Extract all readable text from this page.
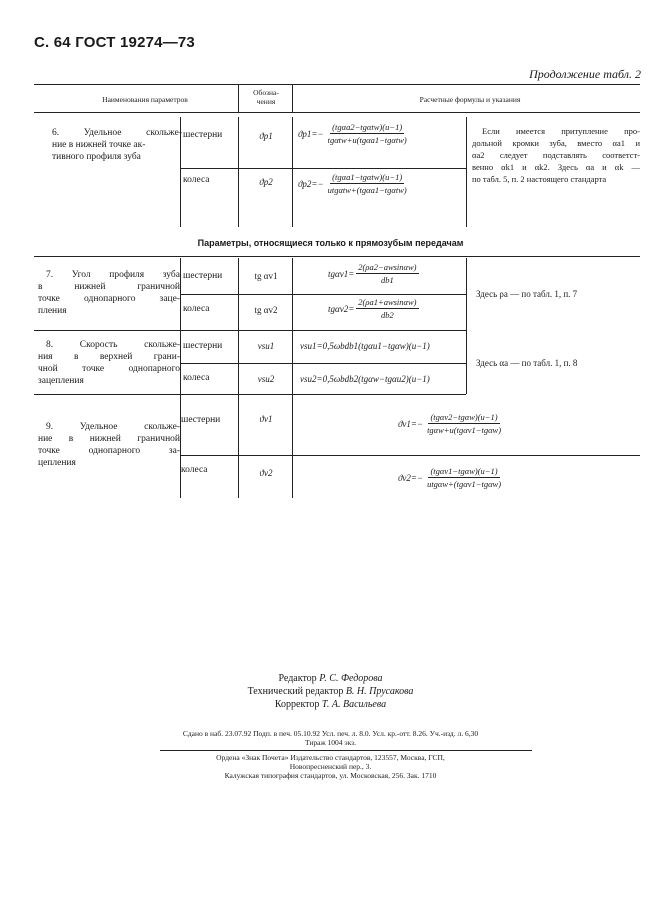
С. 64 ГОСТ 19274—73
Продолжение табл. 2
Наименования параметров
Обозна-
чения	Расчетные формулы и указания
6. Удельное скольже-
ние в нижней точке ак-
тивного профиля зуба
шестерни
колеса
ϑp1
ϑp2
$ϑp1=- \frac{\text{(tgαa2−tgαtw)(u−1)}}{\text{tgαtw+u(tgαa1−tgαtw)}}$
$ϑp2=- \frac{\text{(tgαa1−tgαtw)(u−1)}}{\text{utgαtw+(tgαa1−tgαtw)}}$
Если имеется притупление про-
дольной кромки зуба, вместо αa1 и
αa2 следует подставлять соответст-
венно αk1 и αk2. Здесь αa и αk —
по табл. 5, п. 2 настоящего стандарта
Параметры, относящиеся только к прямозубым передачам
7. Угол профиля зуба
в нижней граничной
точке однопарного заце-
пления
шестерни
колеса
tg αv1
tg αv2
$tg\alpha v1= \frac{2(\rho a2-awsin\alpha w)}{db1}$
$tg\alpha v2= \frac{2(\rho a1+awsin\alpha w)}{db2}$
Здесь ρa — по табл. 1, п. 7
8. Скорость скольже-
ния в верхней грани-
чной точке однопарного
зацепления
шестерни
колеса
vsu1
vsu2
vsu1=0,5ωbdb1(tgαu1−tgαw)(u−1)
vsu2=0,5ωbdb2(tgαw−tgαu2)(u−1)
Здесь αa — по табл. 1, п. 8
9. Удельное скольже-
ние в нижней граничной
точке однопарного за-
цепления
шестерни
колеса
ϑv1
ϑv2
$ϑv1=- \frac{\text{(tgαv2−tgαw)(u−1)}}{\text{tgαw+u(tgαv1−tgαw)}}$
$ϑv2=- \frac{\text{(tgαv1−tgαw)(u−1)}}{\text{utgαw+(tgαv1−tgαw)}}$
Редактор Р. С. Федорова
Технический редактор В. Н. Прусакова
Корректор Т. А. Васильева
Сдано в наб. 23.07.92 Подп. в печ. 05.10.92 Усл. печ. л. 8.0. Усл. кр.-отт. 8.26. Уч.-изд. л. 6,30
Тираж 1004 экз.
Ордена «Знак Почета» Издательство стандартов, 123557, Москва, ГСП,
Новопресненский пер., 3.
Калужская типография стандартов, ул. Московская, 256. Зак. 1710
